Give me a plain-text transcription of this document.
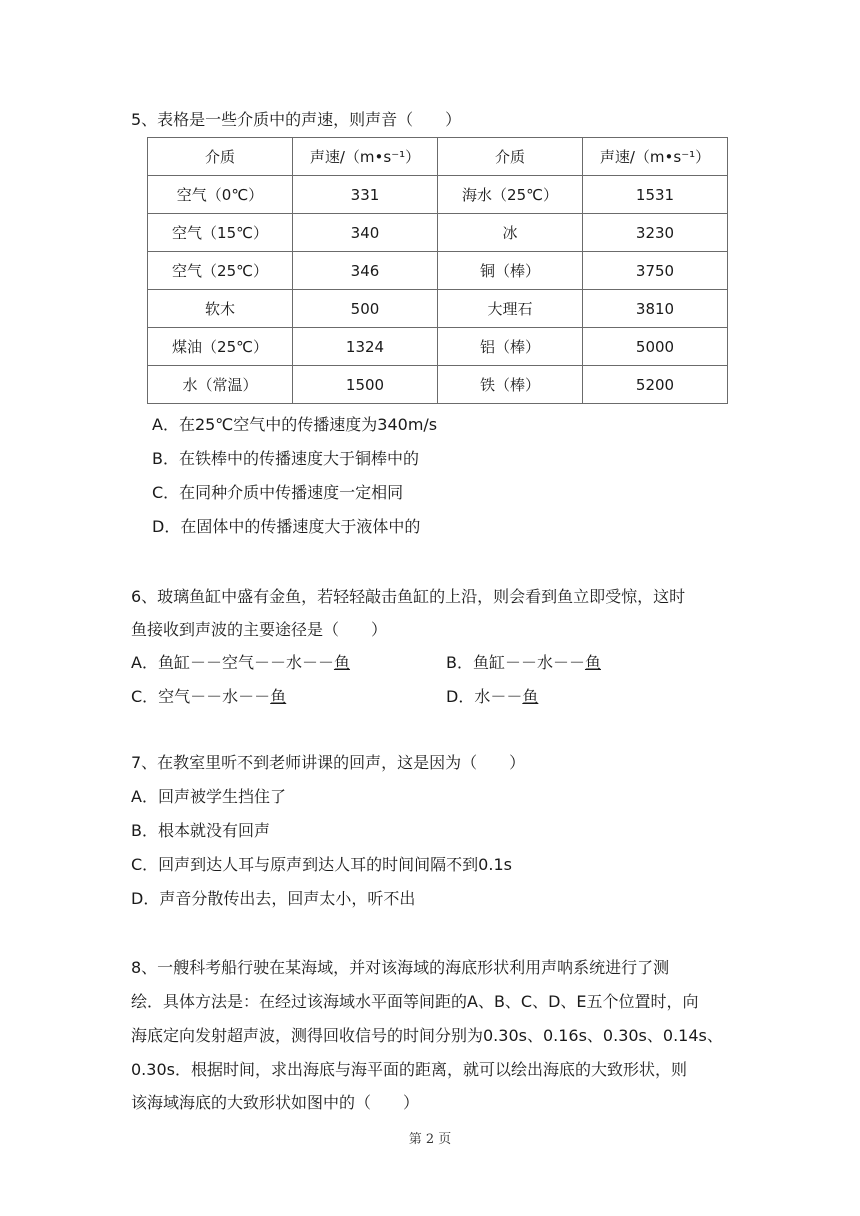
5、表格是一些介质中的声速，则声音（　　）
介质	声速/（m•s⁻¹）	介质	声速/（m•s⁻¹）
空气（0℃）	331	海水（25℃）	1531
空气（15℃）	340	冰	3230
空气（25℃）	346	铜（棒）	3750
软木	500	大理石	3810
煤油（25℃）	1324	铝（棒）	5000
水（常温）	1500	铁（棒）	5200
A．在25℃空气中的传播速度为340m/s
B．在铁棒中的传播速度大于铜棒中的
C．在同种介质中传播速度一定相同
D．在固体中的传播速度大于液体中的
6、玻璃鱼缸中盛有金鱼，若轻轻敲击鱼缸的上沿，则会看到鱼立即受惊，这时
鱼接收到声波的主要途径是（　　）
A．鱼缸－－空气－－水－－鱼	B．鱼缸－－水－－鱼
C．空气－－水－－鱼	D．水－－鱼
7、在教室里听不到老师讲课的回声，这是因为（　　）
A．回声被学生挡住了
B．根本就没有回声
C．回声到达人耳与原声到达人耳的时间间隔不到0.1s
D．声音分散传出去，回声太小，听不出
8、一艘科考船行驶在某海域，并对该海域的海底形状利用声呐系统进行了测
绘．具体方法是：在经过该海域水平面等间距的A、B、C、D、E五个位置时，向
海底定向发射超声波，测得回收信号的时间分别为0.30s、0.16s、0.30s、0.14s、
0.30s．根据时间，求出海底与海平面的距离，就可以绘出海底的大致形状，则
该海域海底的大致形状如图中的（　　）
第 2 页
